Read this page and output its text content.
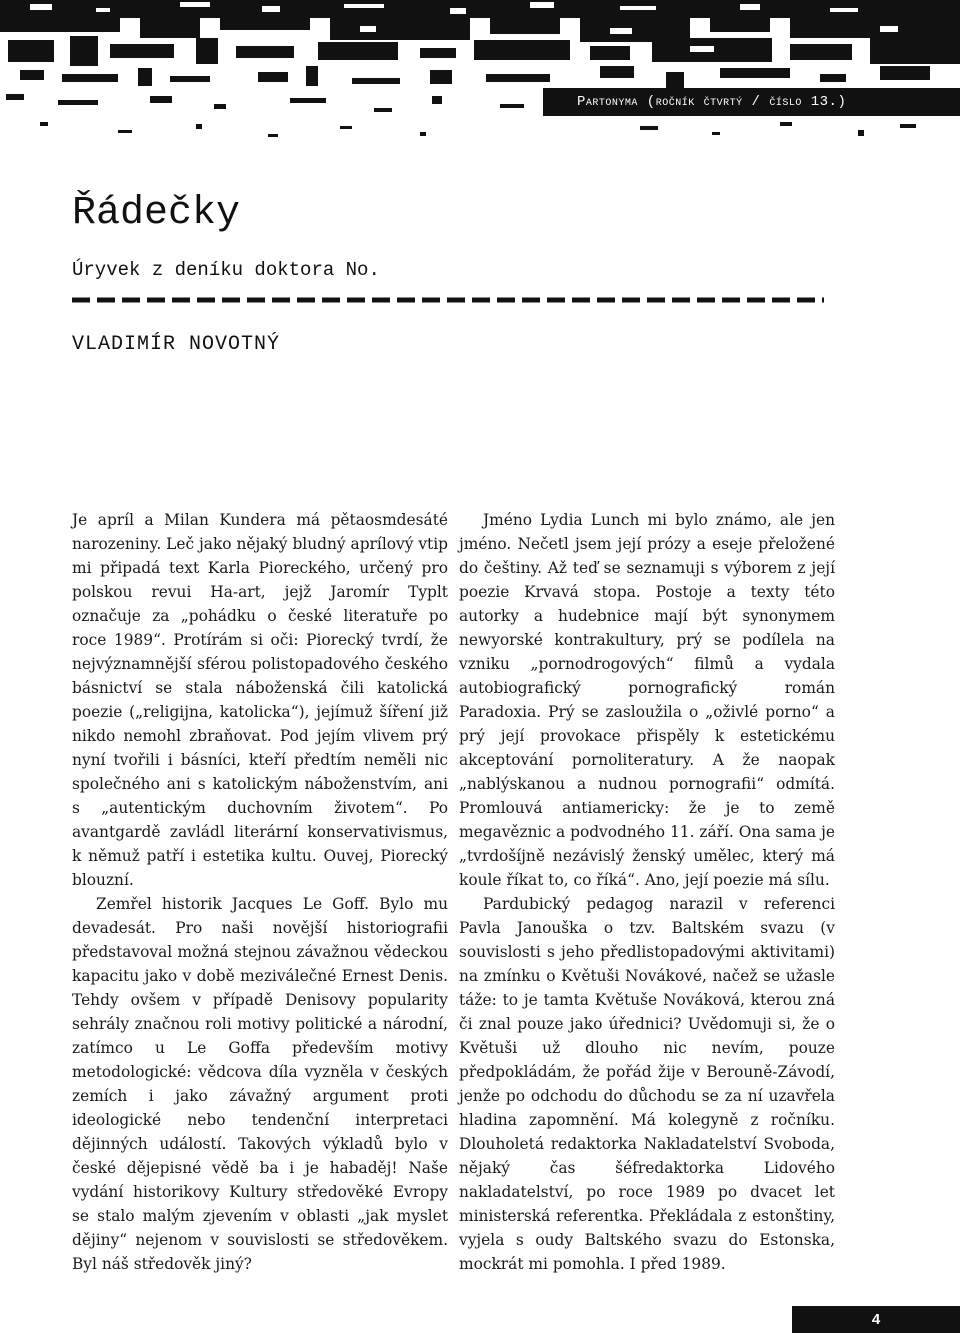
Partonyma (ročník čtvrtý / číslo 13.)
Řádečky
Úryvek z deníku doktora No.
VLADIMÍR NOVOTNÝ

Je apríl a Milan Kundera má pětaosmdesáté narozeniny. Leč jako nějaký bludný aprílový vtip mi připadá text Karla Pioreckého, určený pro polskou revui Ha-art, jejž Jaromír Typlt označuje za „pohádku o české literatuře po roce 1989“. Protírám si oči: Piorecký tvrdí, že nejvýznamnější sférou polistopadového českého básnictví se stala náboženská čili katolická poezie („religijna, katolicka“), jejímuž šíření již nikdo nemohl zbraňovat. Pod jejím vlivem prý nyní tvořili i básníci, kteří předtím neměli nic společného ani s katolickým náboženstvím, ani s „autentickým duchovním životem“. Po avantgardě zavládl literární konservativismus, k němuž patří i estetika kultu. Ouvej, Piorecký blouzní.

Zemřel historik Jacques Le Goff. Bylo mu devadesát. Pro naši novější historiografii představoval možná stejnou závažnou vědeckou kapacitu jako v době meziválečné Ernest Denis. Tehdy ovšem v případě Denisovy popularity sehrály značnou roli motivy politické a národní, zatímco u Le Goffa především motivy metodologické: vědcova díla vyzněla v českých zemích i jako závažný argument proti ideologické nebo tendenční interpretaci dějinných událostí. Takových výkladů bylo v české dějepisné vědě ba i je habaděj! Naše vydání historikovy Kultury středověké Evropy se stalo malým zjevením v oblasti „jak myslet dějiny“ nejenom v souvislosti se středověkem. Byl náš středověk jiný?

Jméno Lydia Lunch mi bylo známo, ale jen jméno. Nečetl jsem její prózy a eseje přeložené do češtiny. Až teď se seznamuji s výborem z její poezie Krvavá stopa. Postoje a texty této autorky a hudebnice mají být synonymem newyorské kontrakultury, prý se podílela na vzniku „pornodrogových“ filmů a vydala autobiografický pornografický román Paradoxia. Prý se zasloužila o „oživlé porno“ a prý její provokace přispěly k estetickému akceptování pornoliteratury. A že naopak „nablýskanou a nudnou pornografii“ odmítá. Promlouvá antiamericky: že je to země megavěznic a podvodného 11. září. Ona sama je „tvrdošíjně nezávislý ženský umělec, který má koule říkat to, co říká“. Ano, její poezie má sílu.

Pardubický pedagog narazil v referenci Pavla Janouška o tzv. Baltském svazu (v souvislosti s jeho předlistopadovými aktivitami) na zmínku o Květuši Novákové, načež se užasle táže: to je tamta Květuše Nováková, kterou zná či znal pouze jako úřednici? Uvědomuji si, že o Květuši už dlouho nic nevím, pouze předpokládám, že pořád žije v Berouně-Závodí, jenže po odchodu do důchodu se za ní uzavřela hladina zapomnění. Má kolegyně z ročníku. Dlouholetá redaktorka Nakladatelství Svoboda, nějaký čas šéfredaktorka Lidového nakladatelství, po roce 1989 po dvacet let ministerská referentka. Překládala z estonštiny, vyjela s oudy Baltského svazu do Estonska, mockrát mi pomohla. I před 1989.

4
